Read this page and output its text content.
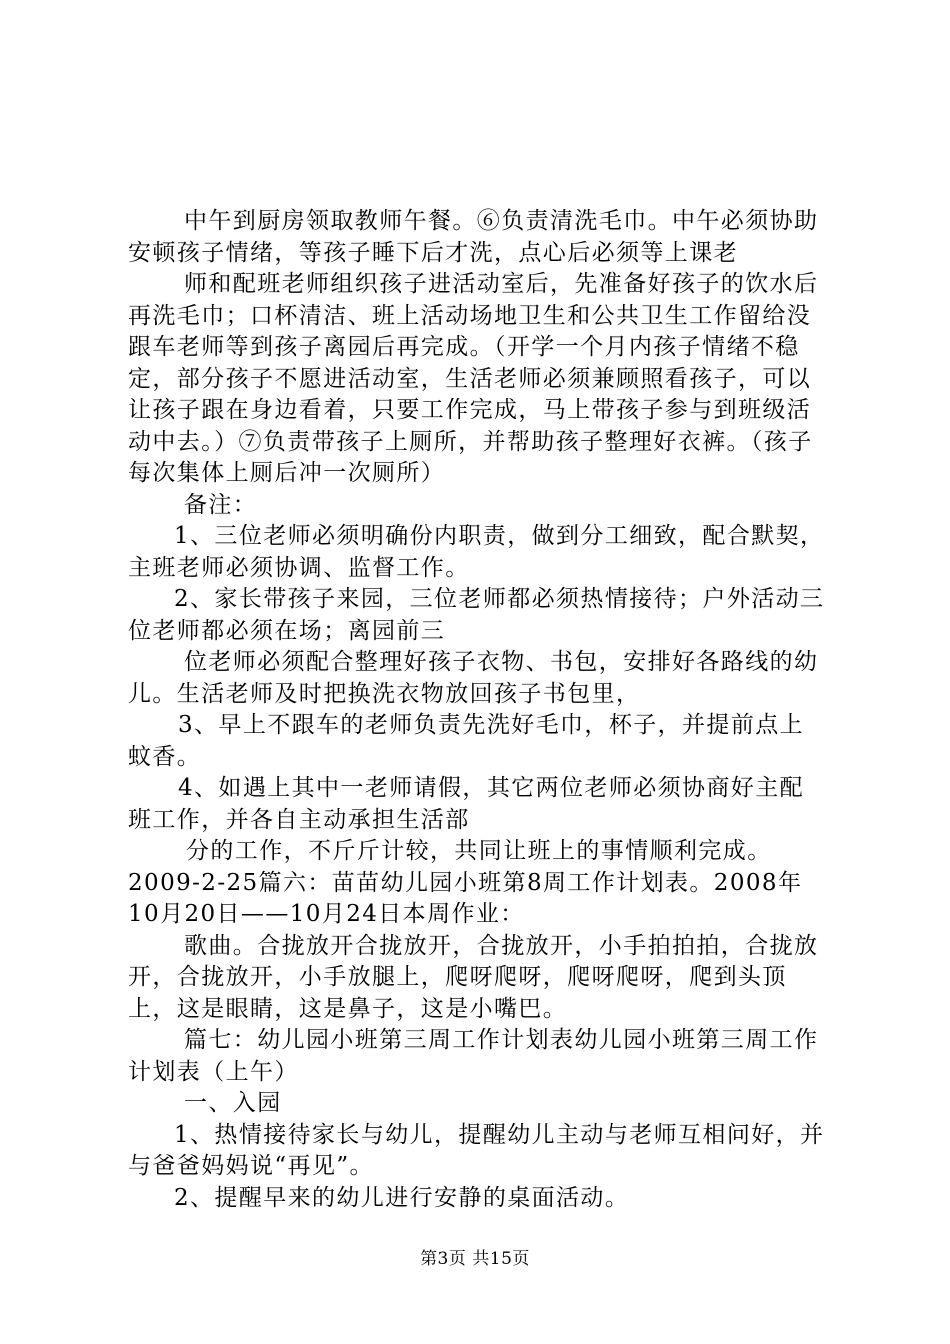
中午到厨房领取教师午餐。⑥负责清洗毛巾。中午必须协助安顿孩子情绪，等孩子睡下后才洗，点心后必须等上课老

师和配班老师组织孩子进活动室后，先准备好孩子的饮水后再洗毛巾；口杯清洁、班上活动场地卫生和公共卫生工作留给没跟车老师等到孩子离园后再完成。（开学一个月内孩子情绪不稳定，部分孩子不愿进活动室，生活老师必须兼顾照看孩子，可以让孩子跟在身边看着，只要工作完成，马上带孩子参与到班级活动中去。）⑦负责带孩子上厕所，并帮助孩子整理好衣裤。（孩子每次集体上厕后冲一次厕所）

备注：

1、三位老师必须明确份内职责，做到分工细致，配合默契，主班老师必须协调、监督工作。

2、家长带孩子来园，三位老师都必须热情接待；户外活动三位老师都必须在场；离园前三

位老师必须配合整理好孩子衣物、书包，安排好各路线的幼儿。生活老师及时把换洗衣物放回孩子书包里，

3、早上不跟车的老师负责先洗好毛巾，杯子，并提前点上蚊香。

4、如遇上其中一老师请假，其它两位老师必须协商好主配班工作，并各自主动承担生活部

分的工作，不斤斤计较，共同让班上的事情顺利完成。2009-2-25篇六：苗苗幼儿园小班第8周工作计划表。2008年10月20日——10月24日本周作业：

歌曲。合拢放开合拢放开，合拢放开，小手拍拍拍，合拢放开，合拢放开，小手放腿上，爬呀爬呀，爬呀爬呀，爬到头顶上，这是眼睛，这是鼻子，这是小嘴巴。

篇七：幼儿园小班第三周工作计划表幼儿园小班第三周工作计划表（上午）

一、入园

1、热情接待家长与幼儿，提醒幼儿主动与老师互相问好，并与爸爸妈妈说“再见”。

2、提醒早来的幼儿进行安静的桌面活动。

第3页 共15页
